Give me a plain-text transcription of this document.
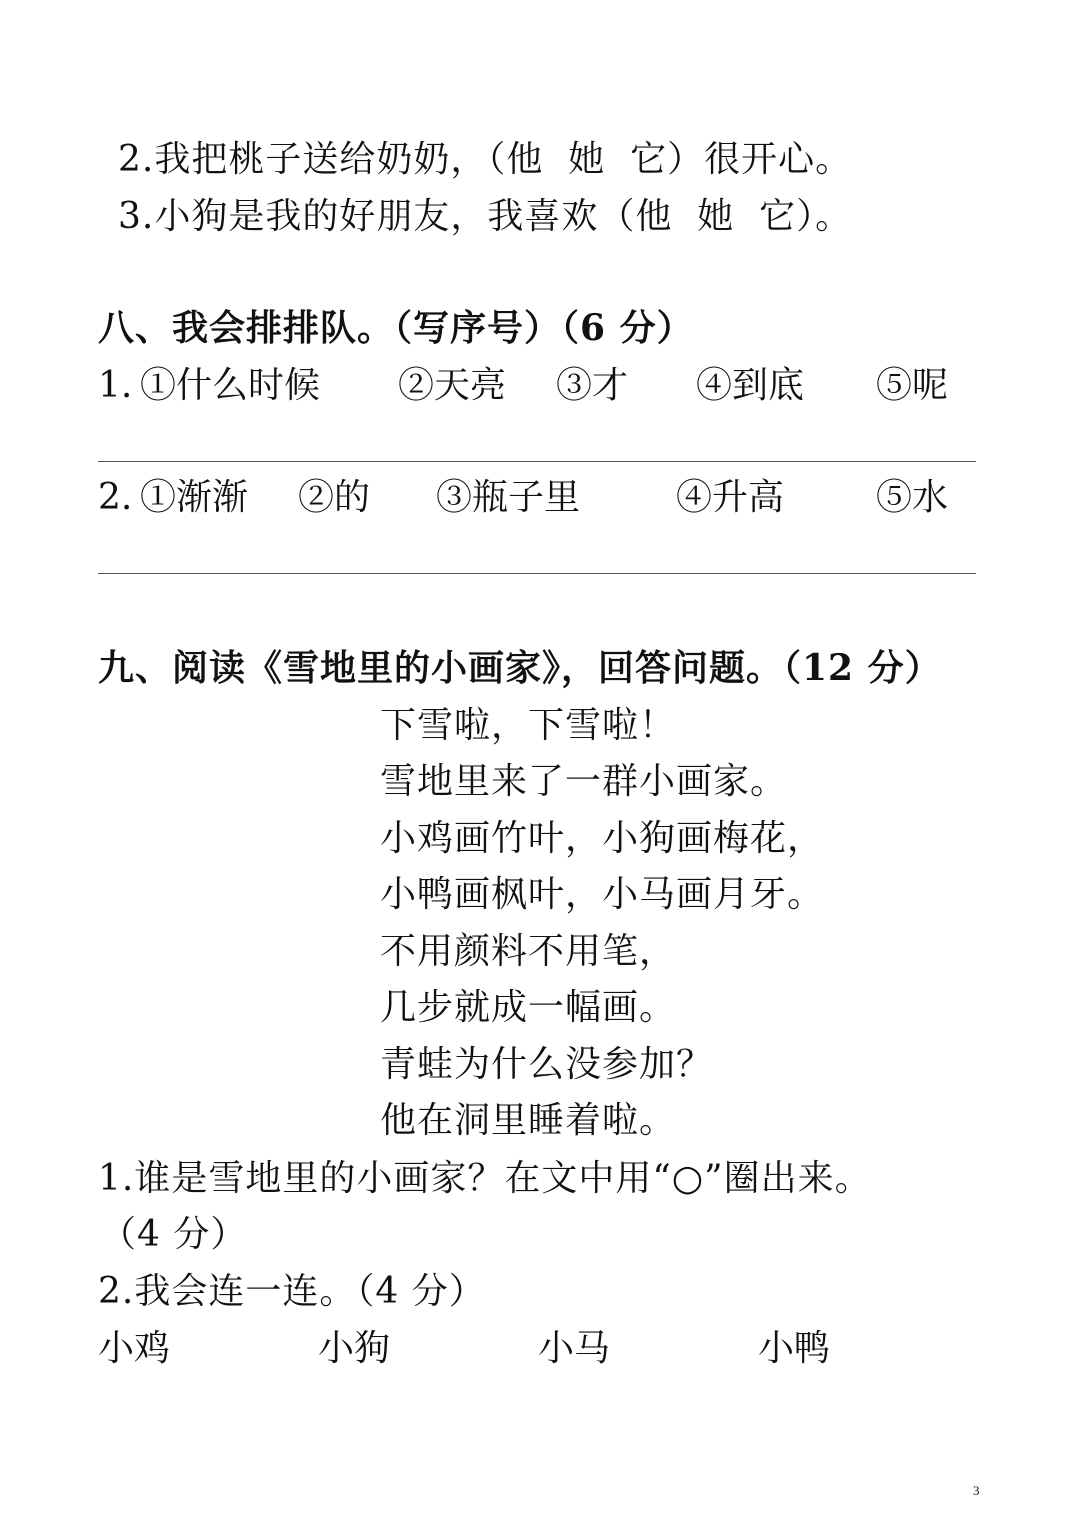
2.我把桃子送给奶奶，（他  她  它）很开心。
3.小狗是我的好朋友，我喜欢（他  她  它）。
八、我会排排队。（写序号）（6 分）
1. ①什么时候 ②天亮 ③才 ④到底 ⑤呢
2. ①渐渐 ②的 ③瓶子里	④升高	⑤水
九、阅读《雪地里的小画家》，回答问题。（12 分）
下雪啦，下雪啦！
雪地里来了一群小画家。
小鸡画竹叶，小狗画梅花，
小鸭画枫叶，小马画月牙。
不用颜料不用笔，
几步就成一幅画。
青蛙为什么没参加？
他在洞里睡着啦。
1.谁是雪地里的小画家？在文中用“○”圈出来。
（4 分）
2.我会连一连。（4 分）
小鸡	小狗	小马	小鸭
3
